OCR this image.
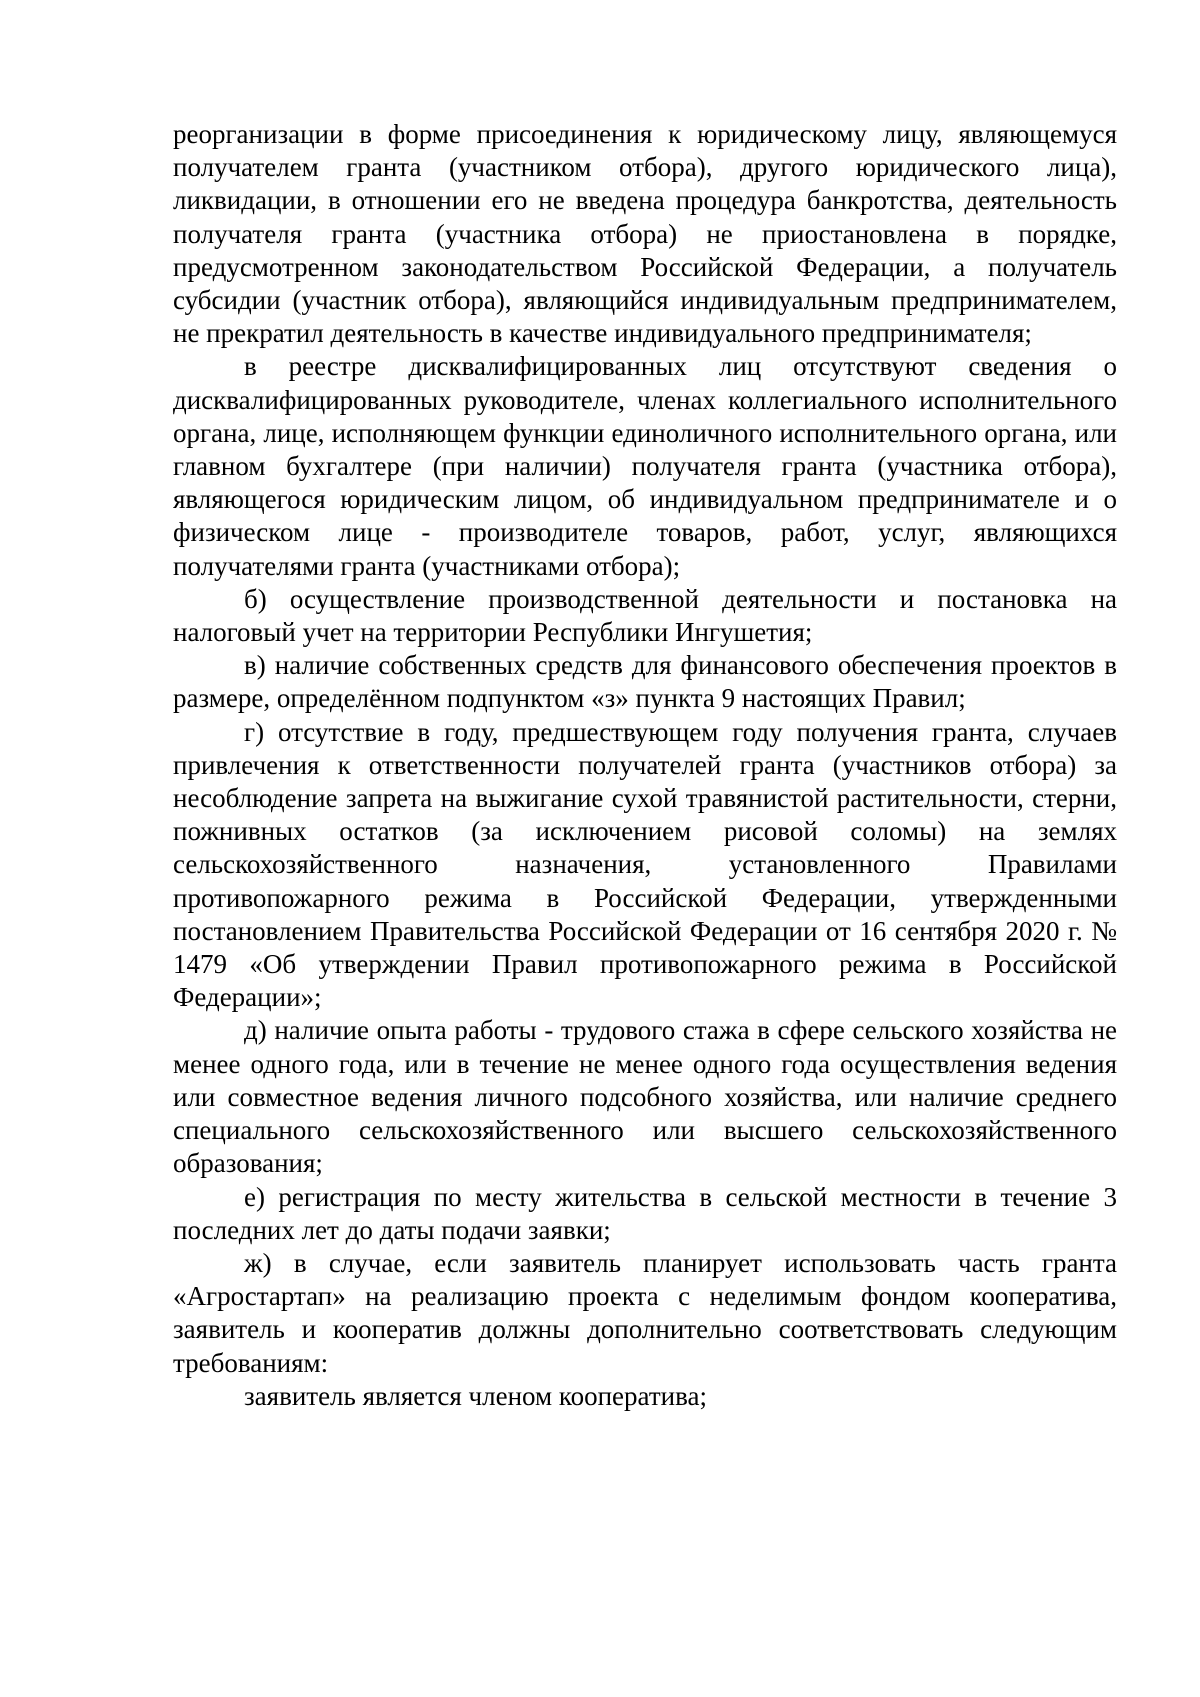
реорганизации в форме присоединения к юридическому лицу, являющемуся получателем гранта (участником отбора), другого юридического лица), ликвидации, в отношении его не введена процедура банкротства, деятельность получателя гранта (участника отбора) не приостановлена в порядке, предусмотренном законодательством Российской Федерации, а получатель субсидии (участник отбора), являющийся индивидуальным предпринимателем, не прекратил деятельность в качестве индивидуального предпринимателя;

в реестре дисквалифицированных лиц отсутствуют сведения о дисквалифицированных руководителе, членах коллегиального исполнительного органа, лице, исполняющем функции единоличного исполнительного органа, или главном бухгалтере (при наличии) получателя гранта (участника отбора), являющегося юридическим лицом, об индивидуальном предпринимателе и о физическом лице - производителе товаров, работ, услуг, являющихся получателями гранта (участниками отбора);

б) осуществление производственной деятельности и постановка на налоговый учет на территории Республики Ингушетия;

в) наличие собственных средств для финансового обеспечения проектов в размере, определённом подпунктом «з» пункта 9 настоящих Правил;

г) отсутствие в году, предшествующем году получения гранта, случаев привлечения к ответственности получателей гранта (участников отбора) за несоблюдение запрета на выжигание сухой травянистой растительности, стерни, пожнивных остатков (за исключением рисовой соломы) на землях сельскохозяйственного назначения, установленного Правилами противопожарного режима в Российской Федерации, утвержденными постановлением Правительства Российской Федерации от 16 сентября 2020 г. № 1479 «Об утверждении Правил противопожарного режима в Российской Федерации»;

д) наличие опыта работы - трудового стажа в сфере сельского хозяйства не менее одного года, или в течение не менее одного года осуществления ведения или совместное ведения личного подсобного хозяйства, или наличие среднего специального сельскохозяйственного или высшего сельскохозяйственного образования;

е) регистрация по месту жительства в сельской местности в течение 3 последних лет до даты подачи заявки;

ж) в случае, если заявитель планирует использовать часть гранта «Агростартап» на реализацию проекта с неделимым фондом кооператива, заявитель и кооператив должны дополнительно соответствовать следующим требованиям:

заявитель является членом кооператива;
